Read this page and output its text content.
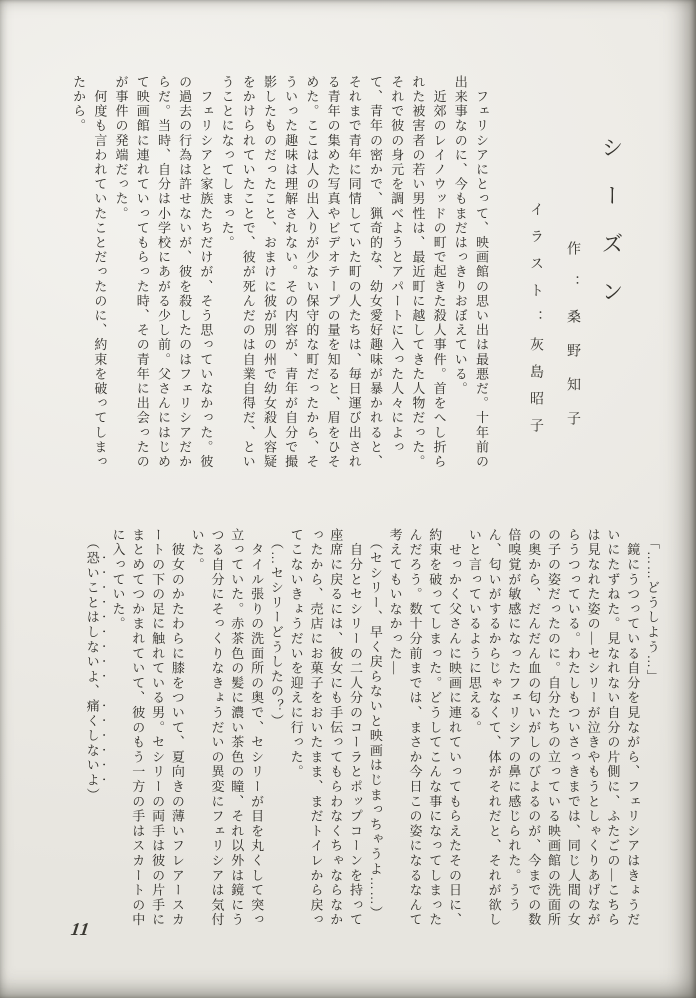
シーズン
作：桑野知子
イラスト：灰島昭子

　フェリシアにとって、映画館の思い出は最悪だ。十年前の出来事なのに、今もまだはっきりおぼえている。

　近郊のレイノウッドの町で起きた殺人事件。首をへし折られた被害者の若い男性は、最近町に越してきた人物だった。それで彼の身元を調べようとアパートに入った人々によって、青年の密かで、猟奇的な、幼女愛好趣味が暴かれると、それまで青年に同情していた町の人たちは、毎日運び出される青年の集めた写真やビデオテープの量を知ると、眉をひそめた。ここは人の出入りが少ない保守的な町だったから、そういった趣味は理解されない。その内容が、青年が自分で撮影したものだったこと、おまけに彼が別の州で幼女殺人容疑をかけられていたことで、彼が死んだのは自業自得だ、ということになってしまった。

　フェリシアと家族たちだけが、そう思っていなかった。彼の過去の行為は許せないが、彼を殺したのはフェリシアだからだ。当時、自分は小学校にあがる少し前。父さんにはじめて映画館に連れていってもらった時、その青年に出会ったのが事件の発端だった。

　何度も言われていたことだったのに、約束を破ってしまったから。

　「……どうしよう…」

　鏡にうつっている自分を見ながら、フェリシアはきょうだいにたずねた。見なれない自分の片側に、ふたごの―こちらは見なれた姿の―セシリーが泣きやもうとしゃくりあげながらうつっている。わたしもついさっきまでは、同じ人間の女の子の姿だったのに。自分たちの立っている映画館の洗面所の奥から、だんだん血の匂いがしのびよるのが、今までの数倍嗅覚が敏感になったフェリシアの鼻に感じられた。ううん、匂いがするからじゃなくて、体がそれだと、それが欲しいと言っているように思える。

　せっかく父さんに映画に連れていってもらえたその日に、約束を破ってしまった。どうしてこんな事になってしまったんだろう。数十分前までは、まさか今日この姿になるなんて考えてもいなかった―

　（セシリー、早く戻らないと映画はじまっちゃうよ……）

　自分とセシリーの二人分のコーラとポップコーンを持って座席に戻るには、彼女にも手伝ってもらわなくちゃならなかったから、売店にお菓子をおいたまま、まだトイレから戻ってこないきょうだいを迎えに行った。

　（…セシリーどうしたの？）

　タイル張りの洗面所の奥で、セシリーが目を丸くして突っ立っていた。赤茶色の髪に濃い茶色の瞳、それ以外は鏡にうつる自分にそっくりなきょうだいの異変にフェリシアは気付いた。

　彼女のかたわらに膝をついて、夏向きの薄いフレアースカートの下の足に触れている男。セシリーの両手は彼の片手にまとめてつかまれていて、彼のもう一方の手はスカートの中に入っていた。

　（恐いことはしないよ、痛くしないよ）

11
